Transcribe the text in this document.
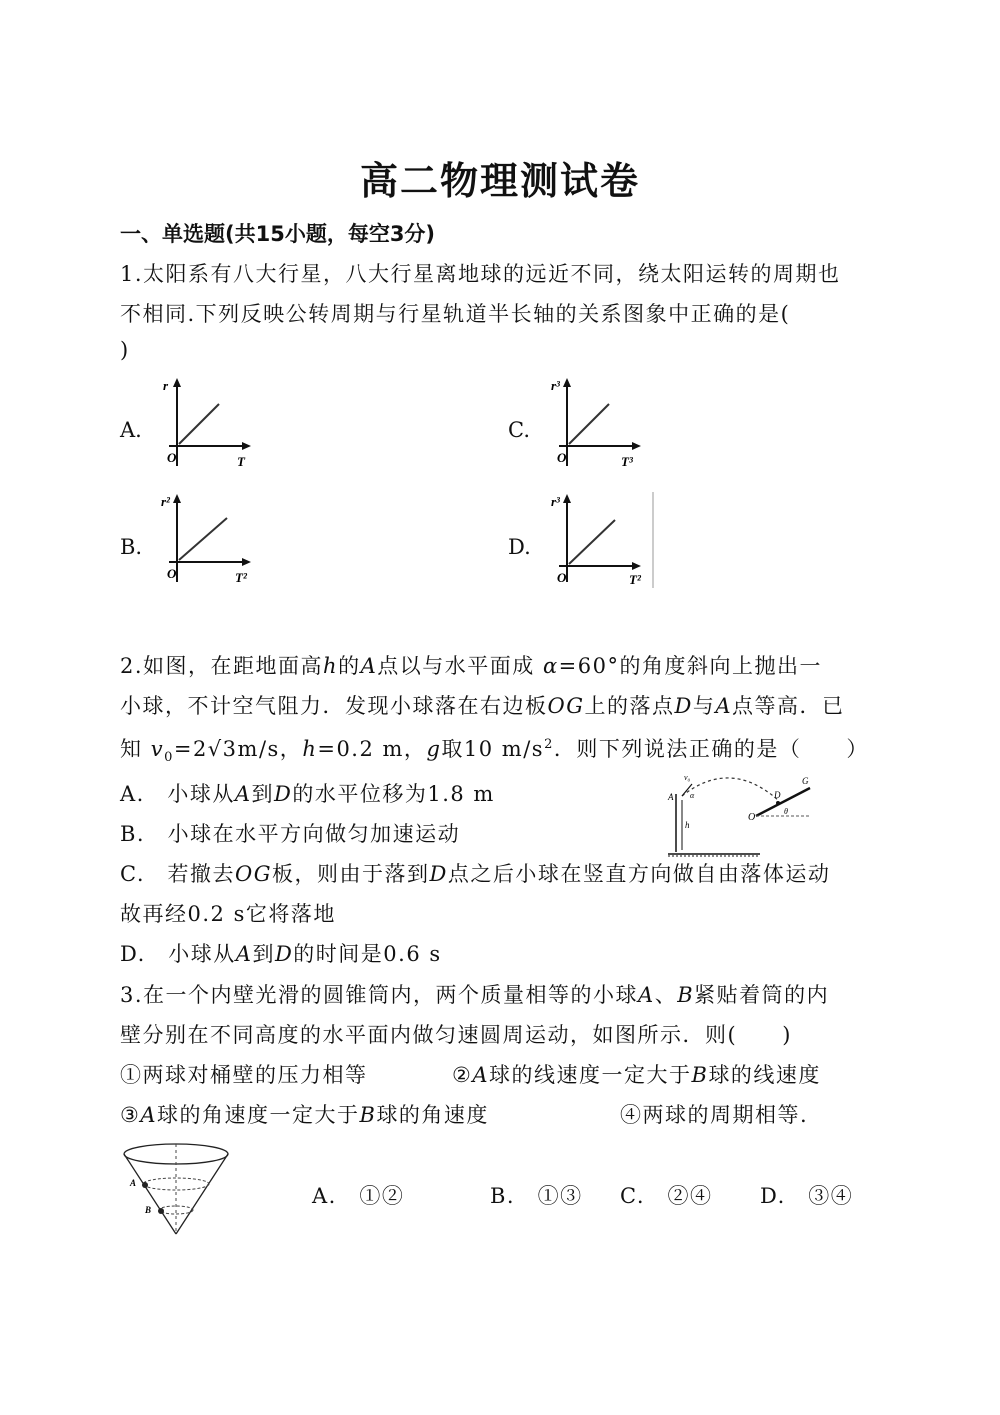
高二物理测试卷
一、单选题(共15小题，每空3分)
1.太阳系有八大行星，八大行星离地球的远近不同，绕太阳运转的周期也
不相同.下列反映公转周期与行星轨道半长轴的关系图象中正确的是(
)
A.
r
O	T
C.
r³
O	T³
B.
r²
O	T²
D.
r³
O	T²
2.如图，在距地面高h的A点以与水平面成 α=60°的角度斜向上抛出一
小球，不计空气阻力．发现小球落在右边板OG上的落点D与A点等高．已
知 $v_0=2√3m/s$，h=0.2 m，g取10 $m/s^2$．则下列说法正确的是（　　）
A.　小球从A到D的水平位移为1.8 m
B.　小球在水平方向做匀加速运动
C.　若撤去OG板，则由于落到D点之后小球在竖直方向做自由落体运动
故再经0.2 s它将落地
D.　小球从A到D的时间是0.6 s
v₀
A α
h
D
G
O
θ
3.在一个内壁光滑的圆锥筒内，两个质量相等的小球A、B紧贴着筒的内
壁分别在不同高度的水平面内做匀速圆周运动，如图所示．则(　　)
①两球对桶壁的压力相等	②A球的线速度一定大于B球的线速度
③A球的角速度一定大于B球的角速度	④两球的周期相等.
A
B
A.　①②	B.　①③ C.　②④ D.　③④
